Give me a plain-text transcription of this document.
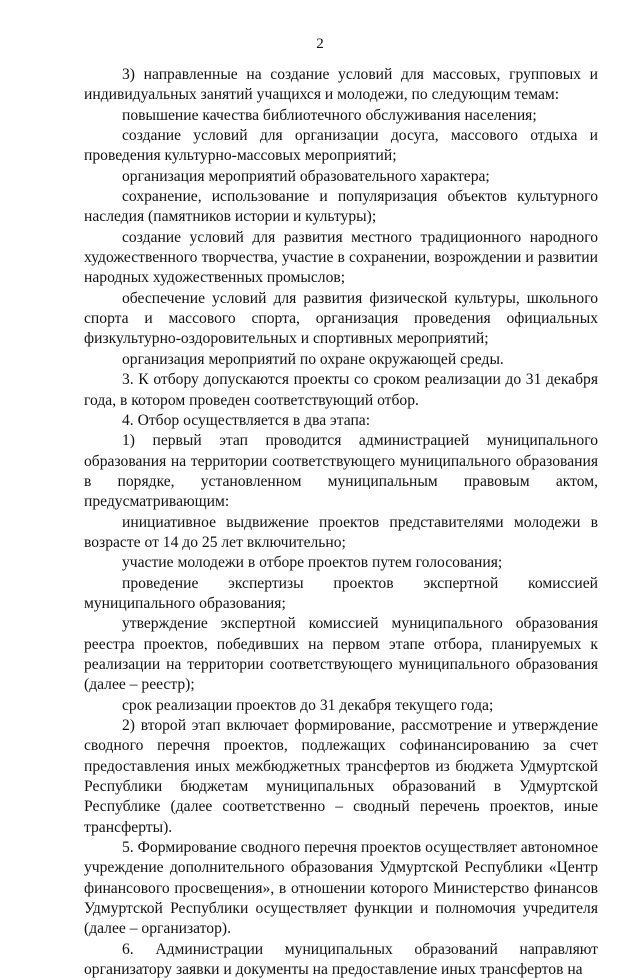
2

3) направленные на создание условий для массовых, групповых и индивидуальных занятий учащихся и молодежи, по следующим темам:

повышение качества библиотечного обслуживания населения;

создание условий для организации досуга, массового отдыха и проведения культурно-массовых мероприятий;

организация мероприятий образовательного характера;

сохранение, использование и популяризация объектов культурного наследия (памятников истории и культуры);

создание условий для развития местного традиционного народного художественного творчества, участие в сохранении, возрождении и развитии народных художественных промыслов;

обеспечение условий для развития физической культуры, школьного спорта и массового спорта, организация проведения официальных физкультурно-оздоровительных и спортивных мероприятий;

организация мероприятий по охране окружающей среды.

3. К отбору допускаются проекты со сроком реализации до 31 декабря года, в котором проведен соответствующий отбор.

4. Отбор осуществляется в два этапа:

1) первый этап проводится администрацией муниципального образования на территории соответствующего муниципального образования в порядке, установленном муниципальным правовым актом, предусматривающим:

инициативное выдвижение проектов представителями молодежи в возрасте от 14 до 25 лет включительно;

участие молодежи в отборе проектов путем голосования;

проведение экспертизы проектов экспертной комиссией муниципального образования;

утверждение экспертной комиссией муниципального образования реестра проектов, победивших на первом этапе отбора, планируемых к реализации на территории соответствующего муниципального образования (далее – реестр);

срок реализации проектов до 31 декабря текущего года;

2) второй этап включает формирование, рассмотрение и утверждение сводного перечня проектов, подлежащих софинансированию за счет предоставления иных межбюджетных трансфертов из бюджета Удмуртской Республики бюджетам муниципальных образований в Удмуртской Республике (далее соответственно – сводный перечень проектов, иные трансферты).

5. Формирование сводного перечня проектов осуществляет автономное учреждение дополнительного образования Удмуртской Республики «Центр финансового просвещения», в отношении которого Министерство финансов Удмуртской Республики осуществляет функции и полномочия учредителя (далее – организатор).

6. Администрации муниципальных образований направляют организатору заявки и документы на предоставление иных трансфертов на
